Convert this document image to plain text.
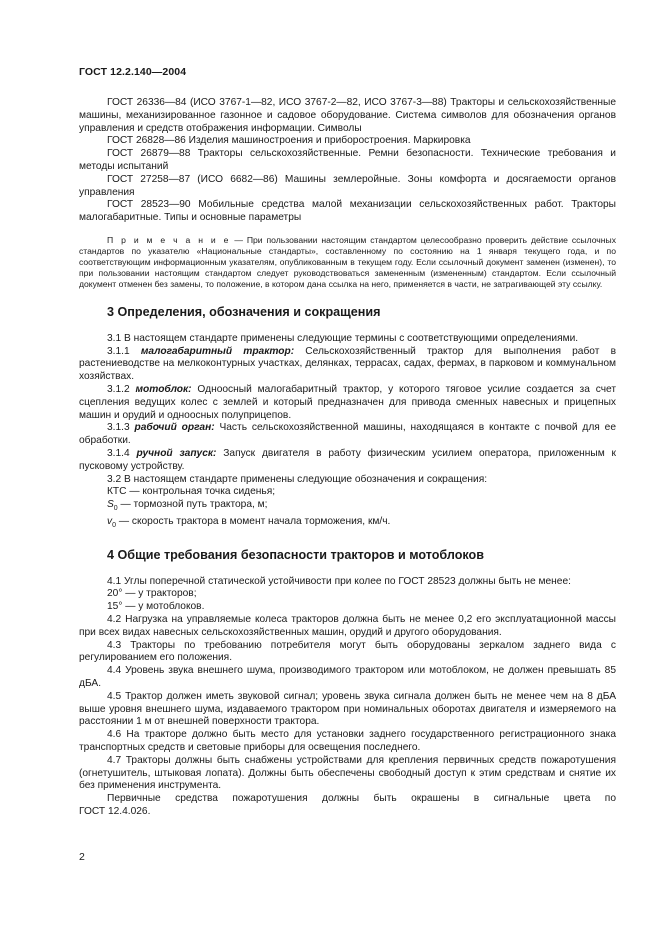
ГОСТ 12.2.140—2004

ГОСТ 26336—84 (ИСО 3767-1—82, ИСО 3767-2—82, ИСО 3767-3—88) Тракторы и сельскохозяйственные машины, механизированное газонное и садовое оборудование. Система символов для обозначения органов управления и средств отображения информации. Символы

ГОСТ 26828—86 Изделия машиностроения и приборостроения. Маркировка

ГОСТ 26879—88 Тракторы сельскохозяйственные. Ремни безопасности. Технические требования и методы испытаний

ГОСТ 27258—87 (ИСО 6682—86) Машины землеройные. Зоны комфорта и досягаемости органов управления

ГОСТ 28523—90 Мобильные средства малой механизации сельскохозяйственных работ. Тракторы малогабаритные. Типы и основные параметры

П р и м е ч а н и е — При пользовании настоящим стандартом целесообразно проверить действие ссылочных стандартов по указателю «Национальные стандарты», составленному по состоянию на 1 января текущего года, и по соответствующим информационным указателям, опубликованным в текущем году. Если ссылочный документ заменен (изменен), то при пользовании настоящим стандартом следует руководствоваться замененным (измененным) стандартом. Если ссылочный документ отменен без замены, то положение, в котором дана ссылка на него, применяется в части, не затрагивающей эту ссылку.

3 Определения, обозначения и сокращения

3.1 В настоящем стандарте применены следующие термины с соответствующими определениями.

3.1.1 малогабаритный трактор: Сельскохозяйственный трактор для выполнения работ в растениеводстве на мелкоконтурных участках, делянках, террасах, садах, фермах, в парковом и коммунальном хозяйствах.

3.1.2 мотоблок: Одноосный малогабаритный трактор, у которого тяговое усилие создается за счет сцепления ведущих колес с землей и который предназначен для привода сменных навесных и прицепных машин и орудий и одноосных полуприцепов.

3.1.3 рабочий орган: Часть сельскохозяйственной машины, находящаяся в контакте с почвой для ее обработки.

3.1.4 ручной запуск: Запуск двигателя в работу физическим усилием оператора, приложенным к пусковому устройству.

3.2 В настоящем стандарте применены следующие обозначения и сокращения:

КТС — контрольная точка сиденья;

$S_0$ — тормозной путь трактора, м;

$v_0$ — скорость трактора в момент начала торможения, км/ч.

4 Общие требования безопасности тракторов и мотоблоков

4.1 Углы поперечной статической устойчивости при колее по ГОСТ 28523 должны быть не менее:

20° — у тракторов;

15° — у мотоблоков.

4.2 Нагрузка на управляемые колеса тракторов должна быть не менее 0,2 его эксплуатационной массы при всех видах навесных сельскохозяйственных машин, орудий и другого оборудования.

4.3 Тракторы по требованию потребителя могут быть оборудованы зеркалом заднего вида с регулированием его положения.

4.4 Уровень звука внешнего шума, производимого трактором или мотоблоком, не должен превышать 85 дБА.

4.5 Трактор должен иметь звуковой сигнал; уровень звука сигнала должен быть не менее чем на 8 дБА выше уровня внешнего шума, издаваемого трактором при номинальных оборотах двигателя и измеряемого на расстоянии 1 м от внешней поверхности трактора.

4.6 На тракторе должно быть место для установки заднего государственного регистрационного знака транспортных средств и световые приборы для освещения последнего.

4.7 Тракторы должны быть снабжены устройствами для крепления первичных средств пожаротушения (огнетушитель, штыковая лопата). Должны быть обеспечены свободный доступ к этим средствам и снятие их без применения инструмента.

Первичные средства пожаротушения должны быть окрашены в сигнальные цвета по

ГОСТ 12.4.026.

2
